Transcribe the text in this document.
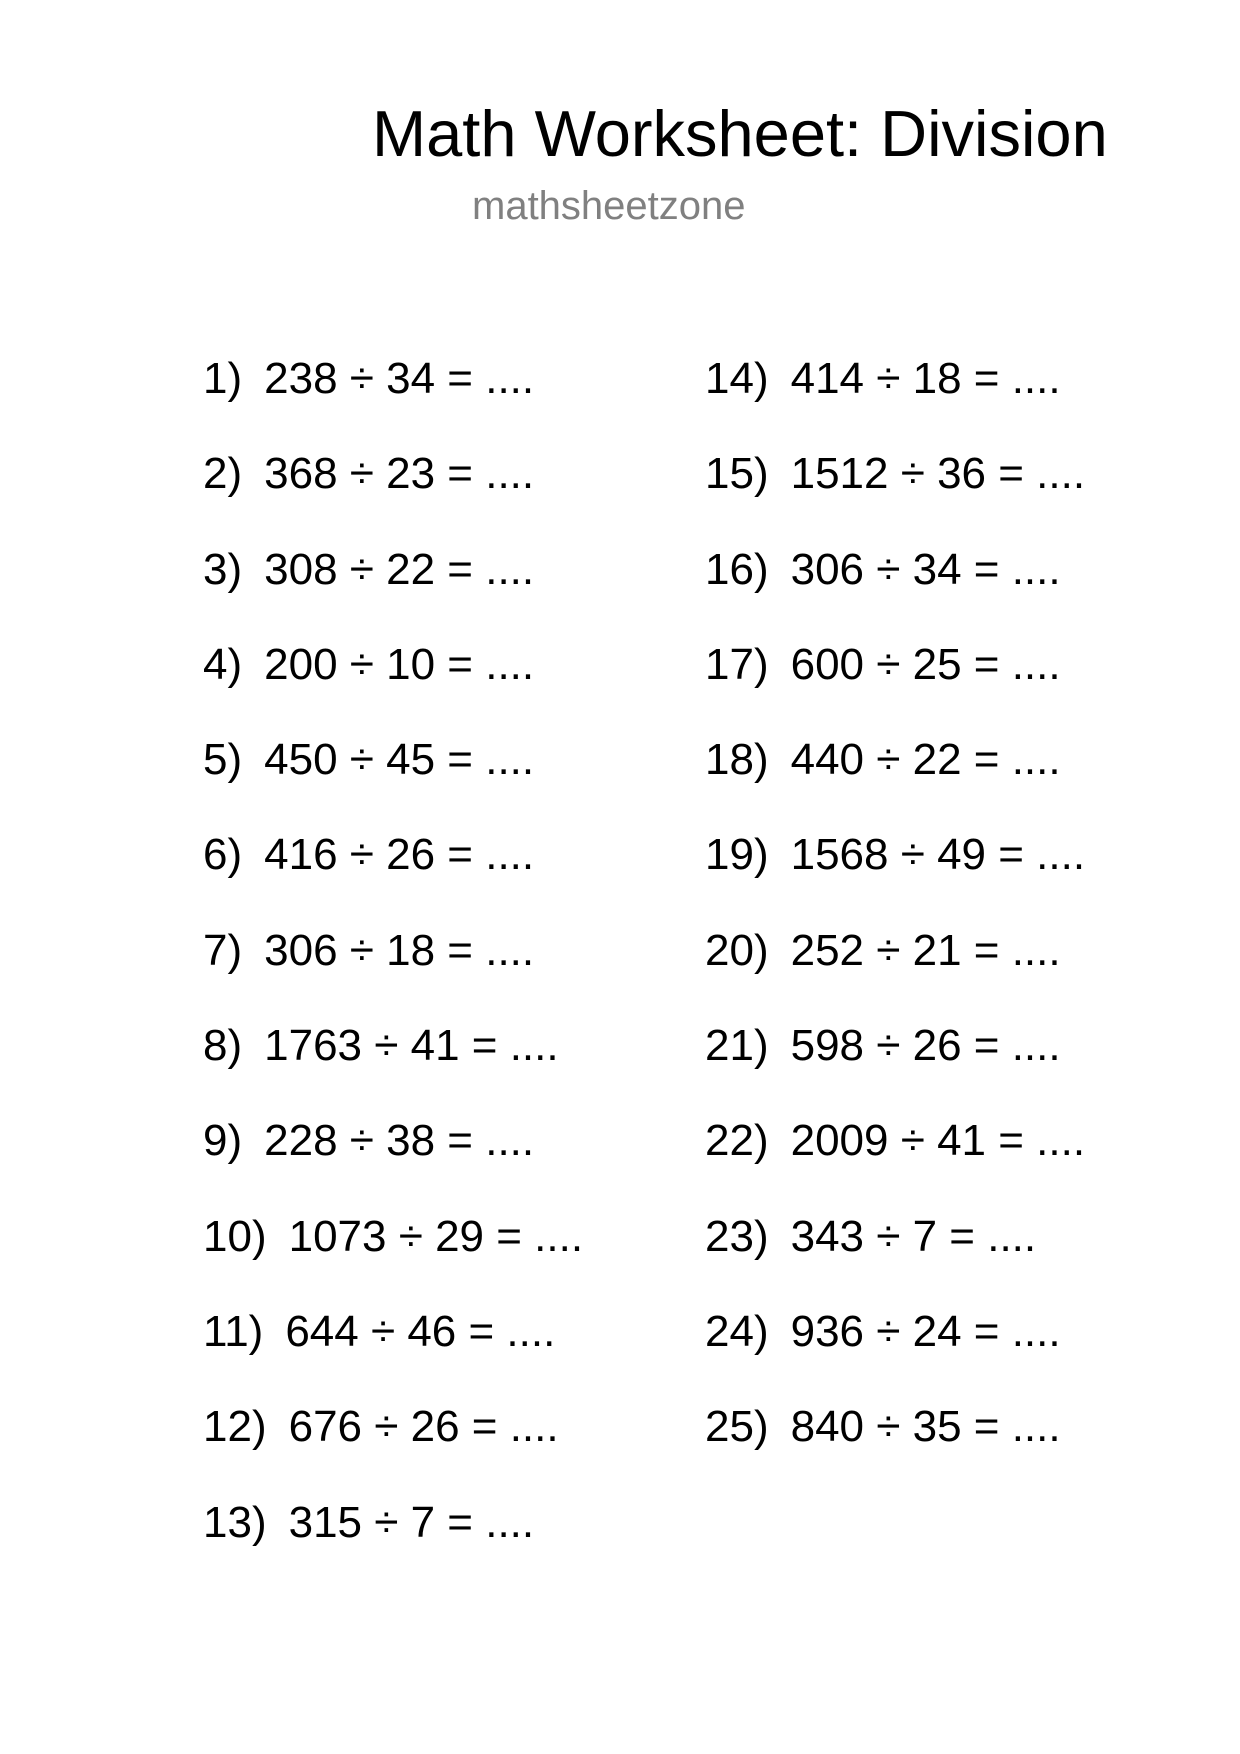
Math Worksheet: Division
mathsheetzone
1) 238 ÷ 34 = ....
2) 368 ÷ 23 = ....
3) 308 ÷ 22 = ....
4) 200 ÷ 10 = ....
5) 450 ÷ 45 = ....
6) 416 ÷ 26 = ....
7) 306 ÷ 18 = ....
8) 1763 ÷ 41 = ....
9) 228 ÷ 38 = ....
10) 1073 ÷ 29 = ....
11) 644 ÷ 46 = ....
12) 676 ÷ 26 = ....
13) 315 ÷ 7 = ....
14) 414 ÷ 18 = ....
15) 1512 ÷ 36 = ....
16) 306 ÷ 34 = ....
17) 600 ÷ 25 = ....
18) 440 ÷ 22 = ....
19) 1568 ÷ 49 = ....
20) 252 ÷ 21 = ....
21) 598 ÷ 26 = ....
22) 2009 ÷ 41 = ....
23) 343 ÷ 7 = ....
24) 936 ÷ 24 = ....
25) 840 ÷ 35 = ....
